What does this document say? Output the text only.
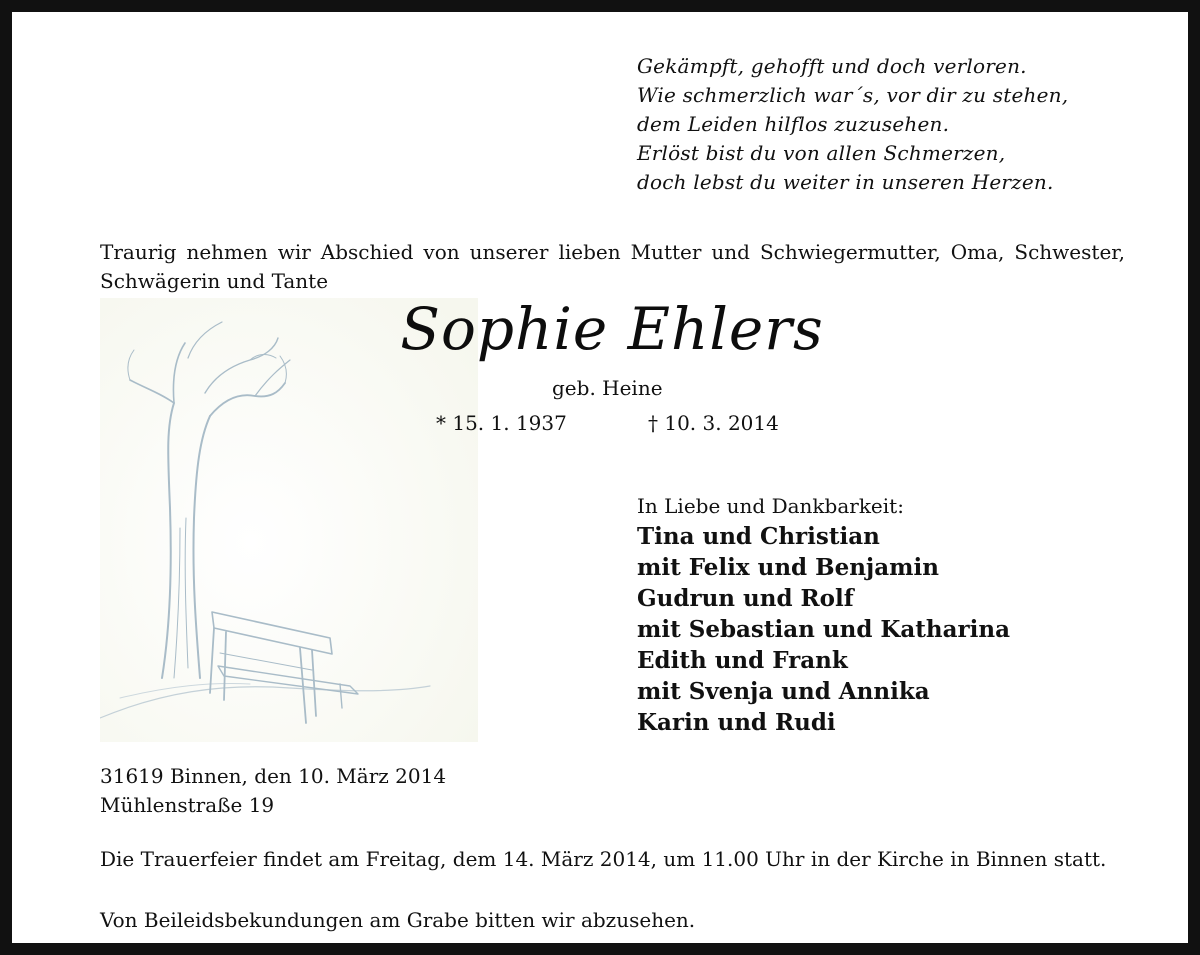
Gekämpft, gehofft und doch verloren.
Wie schmerzlich war´s, vor dir zu stehen,
dem Leiden hilflos zuzusehen.
Erlöst bist du von allen Schmerzen,
doch lebst du weiter in unseren Herzen.
Traurig nehmen wir Abschied von unserer lieben Mutter und Schwiegermutter, Oma, Schwester, Schwägerin und Tante
Sophie Ehlers
geb. Heine
* 15. 1. 1937	† 10. 3. 2014
In Liebe und Dankbarkeit:
Tina und Christian
mit Felix und Benjamin
Gudrun und Rolf
mit Sebastian und Katharina
Edith und Frank
mit Svenja und Annika
Karin und Rudi
31619 Binnen, den 10. März 2014
Mühlenstraße 19
Die Trauerfeier findet am Freitag, dem 14. März 2014, um 11.00 Uhr in der Kirche in Binnen statt.
Von Beileidsbekundungen am Grabe bitten wir abzusehen.
